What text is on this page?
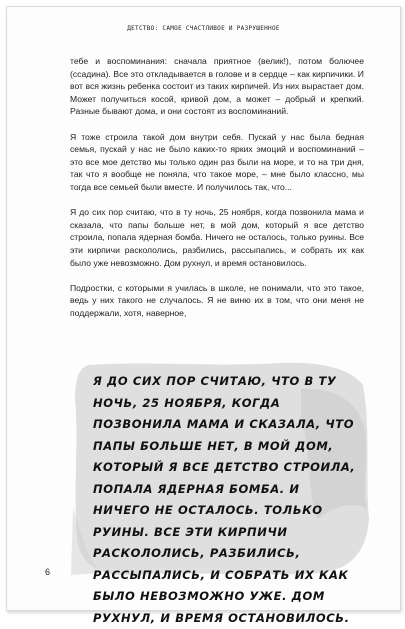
ДЕТСТВО: САМОЕ СЧАСТЛИВОЕ И РАЗРУШЕННОЕ

тебе и воспоминания: сначала приятное (велик!), потом болючее (ссадина). Все это откладывается в голове и в сердце – как кирпичики. И вот вся жизнь ребенка состоит из таких кирпичей. Из них вырастает дом. Может получиться косой, кривой дом, а может – добрый и крепкий. Разные бывают дома, и они состоят из воспоминаний.

Я тоже строила такой дом внутри себя. Пускай у нас была бедная семья, пускай у нас не было каких-то ярких эмоций и воспоминаний – это все мое детство мы только один раз были на море, и то на три дня, так что я вообще не поняла, что такое море, – мне было классно, мы тогда все семьей были вместе. И получилось так, что...

Я до сих пор считаю, что в ту ночь, 25 ноября, когда позвонила мама и сказала, что папы больше нет, в мой дом, который я все детство строила, попала ядерная бомба. Ничего не осталось, только руины. Все эти кирпичи раскололись, разбились, рассыпались, и собрать их как было уже невозможно. Дом рухнул, и время остановилось.

Подростки, с которыми я училась в школе, не понимали, что это такое, ведь у них такого не случалось. Я не виню их в том, что они меня не поддержали, хотя, наверное,

Я ДО СИХ ПОР СЧИТАЮ, ЧТО В ТУ НОЧЬ, 25 НОЯБРЯ, КОГДА ПОЗВОНИЛА МАМА И СКАЗАЛА, ЧТО ПАПЫ БОЛЬШЕ НЕТ, В МОЙ ДОМ, КОТОРЫЙ Я ВСЕ ДЕТСТВО СТРОИЛА, ПОПАЛА ЯДЕРНАЯ БОМБА. И НИЧЕГО НЕ ОСТАЛОСЬ. ТОЛЬКО РУИНЫ. ВСЕ ЭТИ КИРПИЧИ РАСКОЛОЛИСЬ, РАЗБИЛИСЬ, РАССЫПАЛИСЬ, И СОБРАТЬ ИХ КАК БЫЛО НЕВОЗМОЖНО УЖЕ. ДОМ РУХНУЛ, И ВРЕМЯ ОСТАНОВИЛОСЬ.
6
